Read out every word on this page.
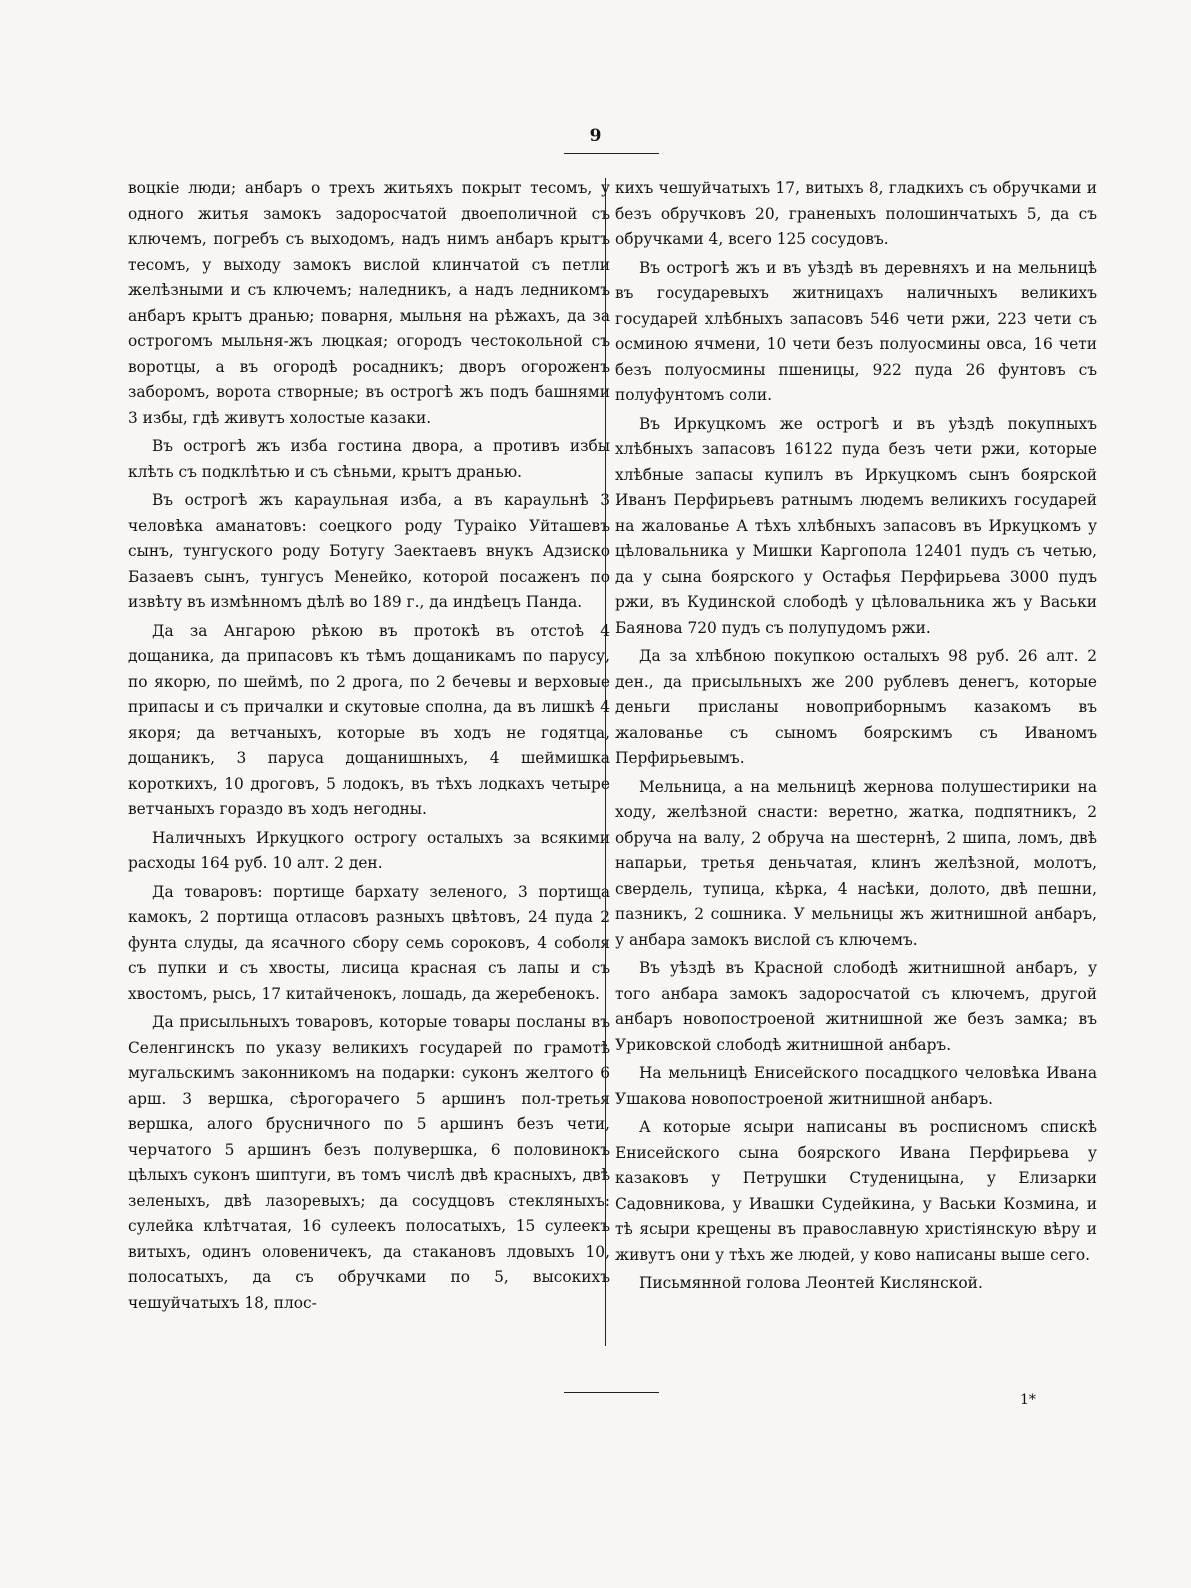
9

воцкіе люди; анбаръ о трехъ житьяхъ покрыт тесомъ, у одного житья замокъ задоросчатой двоеполичной съ ключемъ, погребъ съ выходомъ, надъ нимъ анбаръ крытъ тесомъ, у выходу замокъ вислой клинчатой съ петли желѣзными и съ ключемъ; наледникъ, а надъ ледникомъ анбаръ крытъ дранью; поварня, мыльня на рѣжахъ, да за острогомъ мыльня-жъ люцкая; огородъ честокольной съ воротцы, а въ огородѣ росадникъ; дворъ огороженъ заборомъ, ворота створные; въ острогѣ жъ подъ башнями 3 избы, гдѣ живутъ холостые казаки.

Въ острогѣ жъ изба гостина двора, а противъ избы клѣть съ подклѣтью и съ сѣньми, крытъ дранью.

Въ острогѣ жъ караульная изба, а въ караульнѣ 3 человѣка аманатовъ: соецкого роду Тураiко Уйташевъ сынъ, тунгуского роду Ботугу Заектаевъ внукъ Адзиско Базаевъ сынъ, тунгусъ Менейко, которой посаженъ по извѣту въ измѣнномъ дѣлѣ во 189 г., да индѣецъ Панда.

Да за Ангарою рѣкою въ протокѣ въ отстоѣ 4 дощаника, да припасовъ къ тѣмъ дощаникамъ по парусу, по якорю, по шеймѣ, по 2 дрога, по 2 бечевы и верховые припасы и съ причалки и скутовые сполна, да въ лишкѣ 4 якоря; да ветчаныхъ, которые въ ходъ не годятца, дощаникъ, 3 паруса дощанишныхъ, 4 шеймишка короткихъ, 10 дроговъ, 5 лодокъ, въ тѣхъ лодкахъ четыре ветчаныхъ гораздо въ ходъ негодны.

Наличныхъ Иркуцкого острогу осталыхъ за всякими расходы 164 руб. 10 алт. 2 ден.

Да товаровъ: портище бархату зеленого, 3 портища камокъ, 2 портища отласовъ разныхъ цвѣтовъ, 24 пуда 2 фунта слуды, да ясачного сбору семь сороковъ, 4 соболя съ пупки и съ хвосты, лисица красная съ лапы и съ хвостомъ, рысь, 17 китайченокъ, лошадь, да жеребенокъ.

Да присыльныхъ товаровъ, которые товары посланы въ Селенгинскъ по указу великихъ государей по грамотѣ мугальскимъ законникомъ на подарки: суконъ желтого 6 арш. 3 вершка, сѣрогорачего 5 аршинъ пол-третья вершка, алого брусничного по 5 аршинъ безъ чети, черчатого 5 аршинъ безъ полувершка, 6 половинокъ цѣлыхъ суконъ шиптуги, въ томъ числѣ двѣ красныхъ, двѣ зеленыхъ, двѣ лазоревыхъ; да сосудцовъ стекляныхъ: сулейка клѣтчатая, 16 сулеекъ полосатыхъ, 15 сулеекъ витыхъ, одинъ оловеничекъ, да стакановъ лдовыхъ 10, полосатыхъ, да съ обручками по 5, высокихъ чешуйчатыхъ 18, плос-

кихъ чешуйчатыхъ 17, витыхъ 8, гладкихъ съ обручками и безъ обручковъ 20, граненыхъ полошинчатыхъ 5, да съ обручками 4, всего 125 сосудовъ.

Въ острогѣ жъ и въ уѣздѣ въ деревняхъ и на мельницѣ въ государевыхъ житницахъ наличныхъ великихъ государей хлѣбныхъ запасовъ 546 чети ржи, 223 чети съ осминою ячмени, 10 чети безъ полуосмины овса, 16 чети безъ полуосмины пшеницы, 922 пуда 26 фунтовъ съ полуфунтомъ соли.

Въ Иркуцкомъ же острогѣ и въ уѣздѣ покупныхъ хлѣбныхъ запасовъ 16122 пуда безъ чети ржи, которые хлѣбные запасы купилъ въ Иркуцкомъ сынъ боярской Иванъ Перфирьевъ ратнымъ людемъ великихъ государей на жалованье А тѣхъ хлѣбныхъ запасовъ въ Иркуцкомъ у цѣловальника у Мишки Каргопола 12401 пудъ съ четью, да у сына боярского у Остафья Перфирьева 3000 пудъ ржи, въ Кудинской слободѣ у цѣловальника жъ у Васьки Баянова 720 пудъ съ полупудомъ ржи.

Да за хлѣбною покупкою осталыхъ 98 руб. 26 алт. 2 ден., да присыльныхъ же 200 рублевъ денегъ, которые деньги присланы новоприборнымъ казакомъ въ жалованье съ сыномъ боярскимъ съ Иваномъ Перфирьевымъ.

Мельница, а на мельницѣ жернова полушестирики на ходу, желѣзной снасти: веретно, жатка, подпятникъ, 2 обруча на валу, 2 обруча на шестернѣ, 2 шипа, ломъ, двѣ напарьи, третья деньчатая, клинъ желѣзной, молотъ, свердель, тупица, кѣрка, 4 насѣки, долото, двѣ пешни, пазникъ, 2 сошника. У мельницы жъ житнишной анбаръ, у анбара замокъ вислой съ ключемъ.

Въ уѣздѣ въ Красной слободѣ житнишной анбаръ, у того анбара замокъ задоросчатой съ ключемъ, другой анбаръ новопостроеной житнишной же безъ замка; въ Уриковской слободѣ житнишной анбаръ.

На мельницѣ Енисейского посадцкого человѣка Ивана Ушакова новопостроеной житнишной анбаръ.

А которые ясыри написаны въ росписномъ спискѣ Енисейского сына боярского Ивана Перфирьева у казаковъ у Петрушки Студеницына, у Елизарки Садовникова, у Ивашки Судейкина, у Васьки Козмина, и тѣ ясыри крещены въ православную христіянскую вѣру и живутъ они у тѣхъ же людей, у ково написаны выше сего.

Письмянной голова Леонтей Кислянской.

1*
